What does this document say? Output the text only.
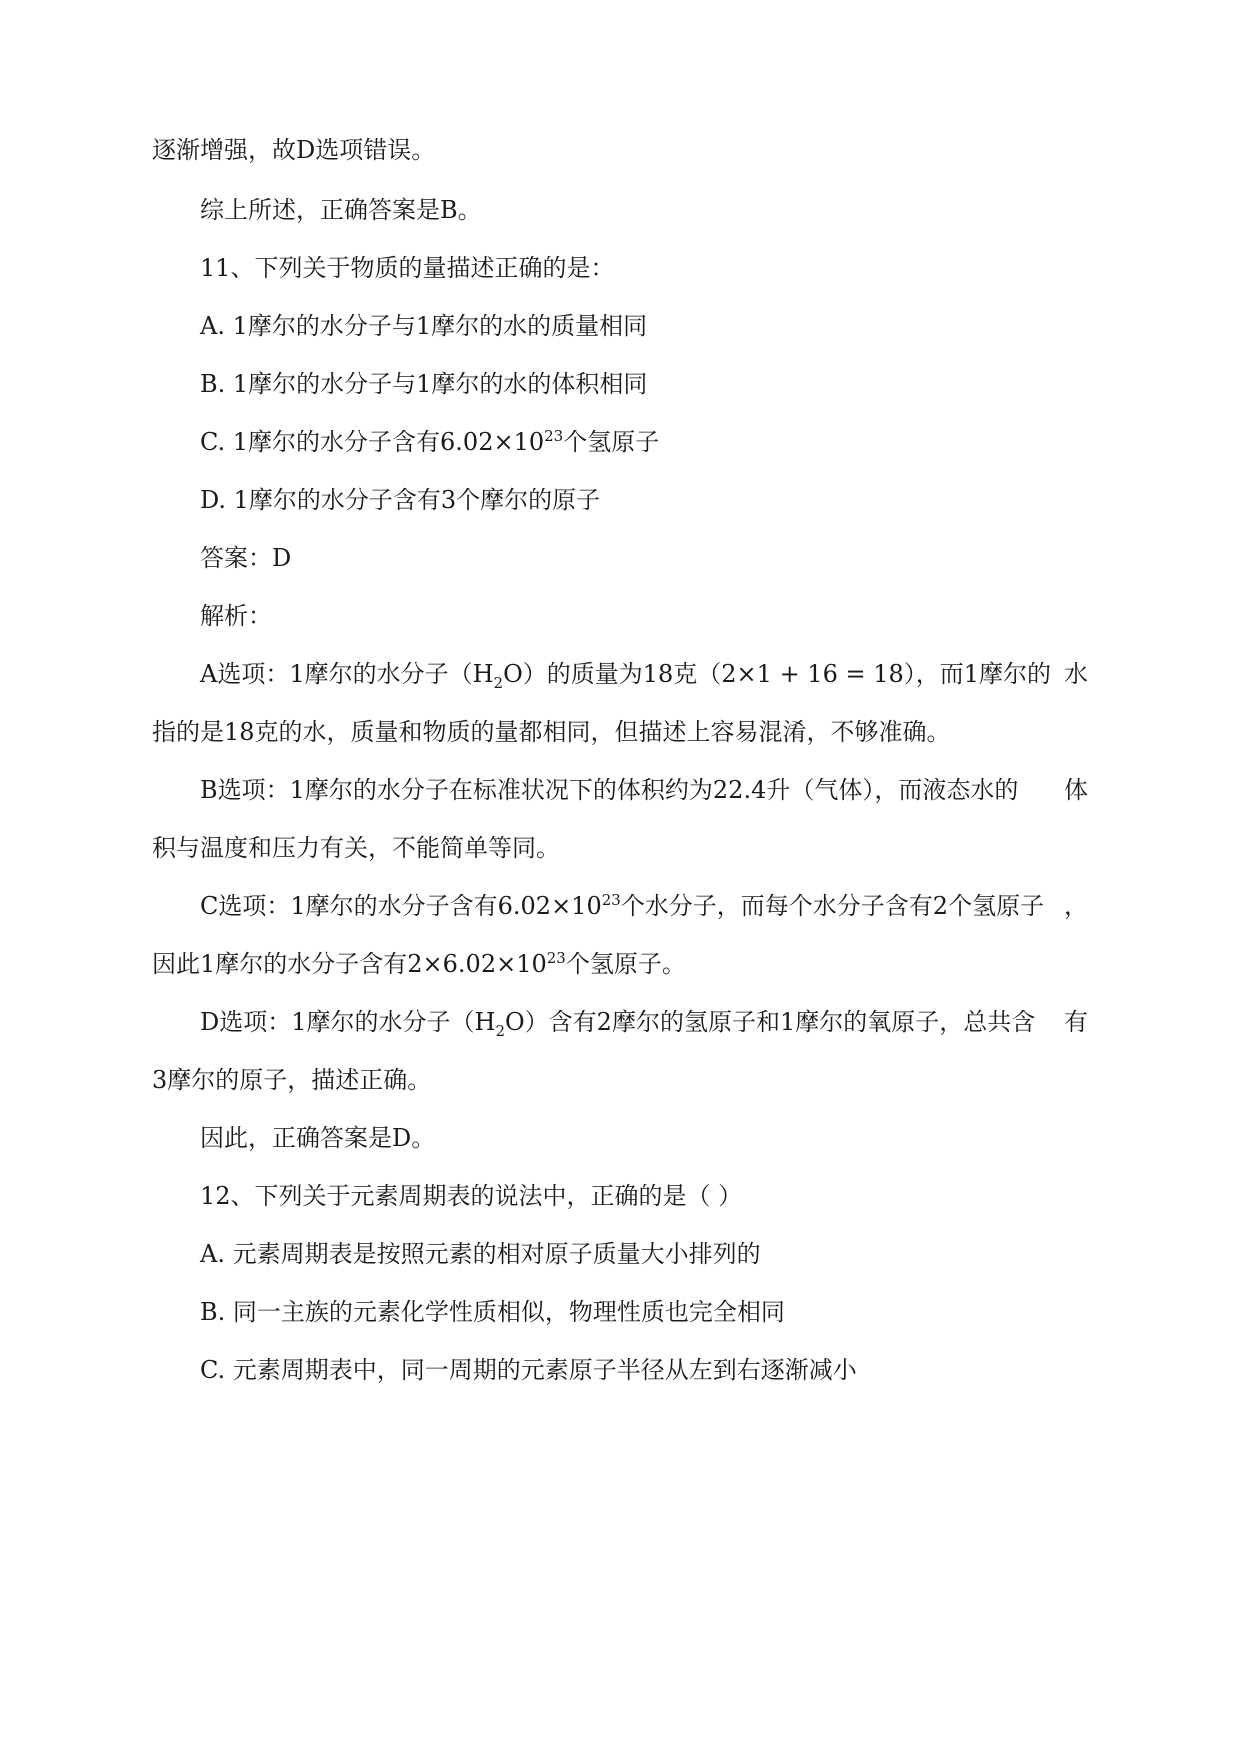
逐渐增强，故D选项错误。
综上所述，正确答案是B。
11、下列关于物质的量描述正确的是：
A. 1摩尔的水分子与1摩尔的水的质量相同
B. 1摩尔的水分子与1摩尔的水的体积相同
C. 1摩尔的水分子含有$6.02\times 10^{23}$个氢原子
D. 1摩尔的水分子含有3个摩尔的原子
答案：D
解析：
A选项：1摩尔的水分子$(H_2O)$的质量为18克（2×1 + 16 = 18），而1摩尔的 水
指的是18克的水，质量和物质的量都相同，但描述上容易混淆，不够准确。
B选项：1摩尔的水分子在标准状况下的体积约为22.4升（气体），而液态水的 体
积与温度和压力有关，不能简单等同。
C选项：1摩尔的水分子含有$6.02\times 10^{23}$个水分子，而每个水分子含有2个氢原子 ，
因此1摩尔的水分子含有$2\times 6.02\times 10^{23}$个氢原子。
D选项：1摩尔的水分子$(H_2O)$含有2摩尔的氢原子和1摩尔的氧原子，总共含 有
3摩尔的原子，描述正确。
因此，正确答案是D。
12、下列关于元素周期表的说法中，正确的是（ ）
A. 元素周期表是按照元素的相对原子质量大小排列的
B. 同一主族的元素化学性质相似，物理性质也完全相同
C. 元素周期表中，同一周期的元素原子半径从左到右逐渐减小
